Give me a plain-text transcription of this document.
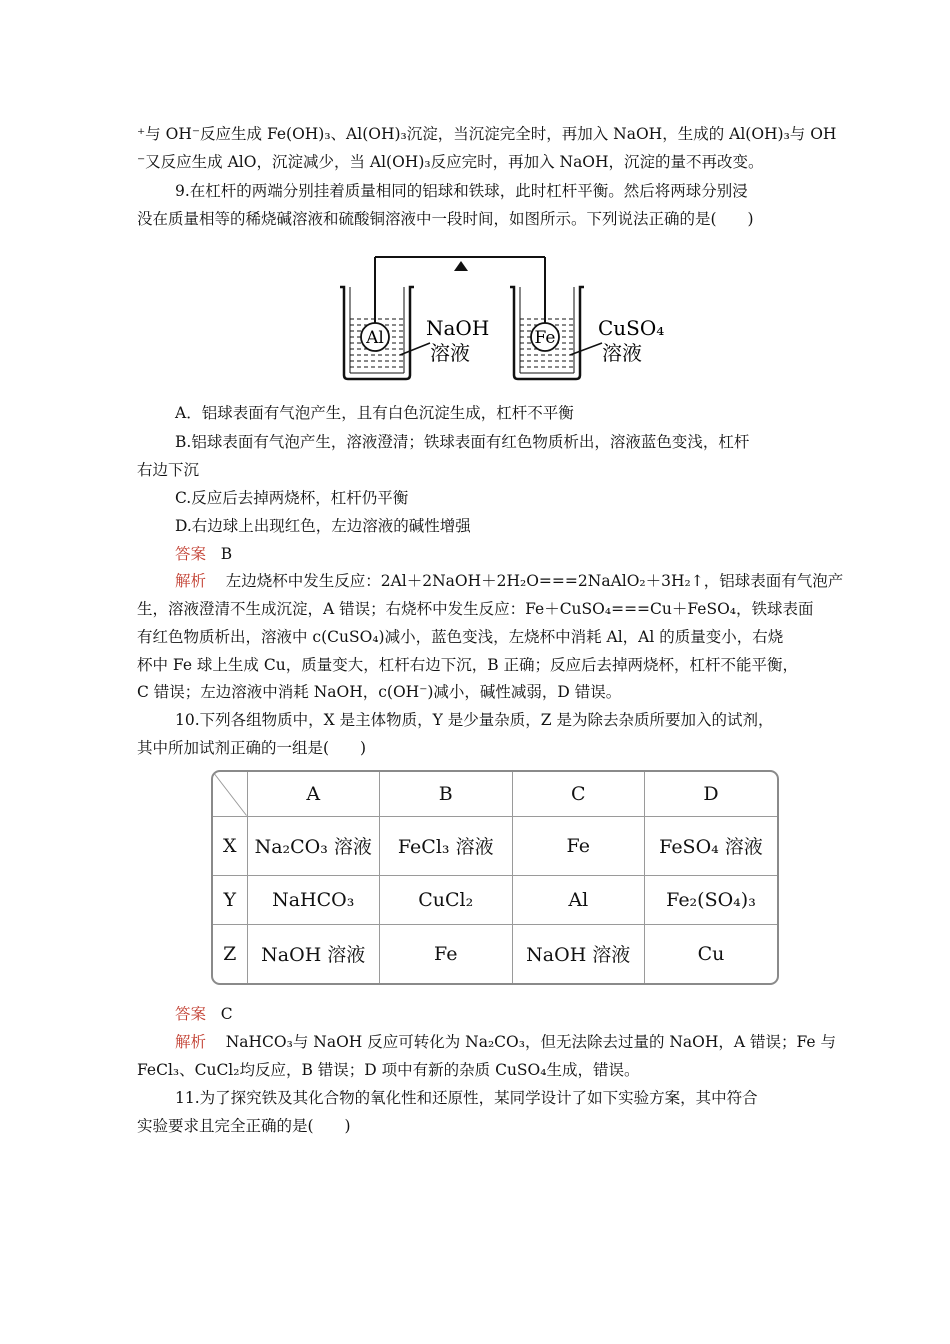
⁺与 OH⁻反应生成 Fe(OH)₃、Al(OH)₃沉淀，当沉淀完全时，再加入 NaOH，生成的 Al(OH)₃与 OH
⁻又反应生成 AlO，沉淀减少，当 Al(OH)₃反应完时，再加入 NaOH，沉淀的量不再改变。
9.在杠杆的两端分别挂着质量相同的铝球和铁球，此时杠杆平衡。然后将两球分别浸
没在质量相等的稀烧碱溶液和硫酸铜溶液中一段时间，如图所示。下列说法正确的是(　　)
Al NaOH
溶液
Fe CuSO₄
溶液
A．铝球表面有气泡产生，且有白色沉淀生成，杠杆不平衡
B.铝球表面有气泡产生，溶液澄清；铁球表面有红色物质析出，溶液蓝色变浅，杠杆
右边下沉
C.反应后去掉两烧杯，杠杆仍平衡
D.右边球上出现红色，左边溶液的碱性增强
答案 B
解析 左边烧杯中发生反应：2Al＋2NaOH＋2H₂O===2NaAlO₂＋3H₂↑，铝球表面有气泡产
生，溶液澄清不生成沉淀，A 错误；右烧杯中发生反应：Fe＋CuSO₄===Cu＋FeSO₄，铁球表面
有红色物质析出，溶液中 c(CuSO₄)减小，蓝色变浅，左烧杯中消耗 Al，Al 的质量变小，右烧
杯中 Fe 球上生成 Cu，质量变大，杠杆右边下沉，B 正确；反应后去掉两烧杯，杠杆不能平衡，
C 错误；左边溶液中消耗 NaOH，c(OH⁻)减小，碱性减弱，D 错误。
10.下列各组物质中，X 是主体物质，Y 是少量杂质，Z 是为除去杂质所要加入的试剂，
其中所加试剂正确的一组是(　　)
	A	B	C	D
X	Na₂CO₃ 溶液	FeCl₃ 溶液	Fe	FeSO₄ 溶液
Y	NaHCO₃	CuCl₂	Al	Fe₂(SO₄)₃
Z	NaOH 溶液	Fe	NaOH 溶液	Cu
答案 C
解析 NaHCO₃与 NaOH 反应可转化为 Na₂CO₃，但无法除去过量的 NaOH，A 错误；Fe 与
FeCl₃、CuCl₂均反应，B 错误；D 项中有新的杂质 CuSO₄生成，错误。
11.为了探究铁及其化合物的氧化性和还原性，某同学设计了如下实验方案，其中符合
实验要求且完全正确的是(　　)
